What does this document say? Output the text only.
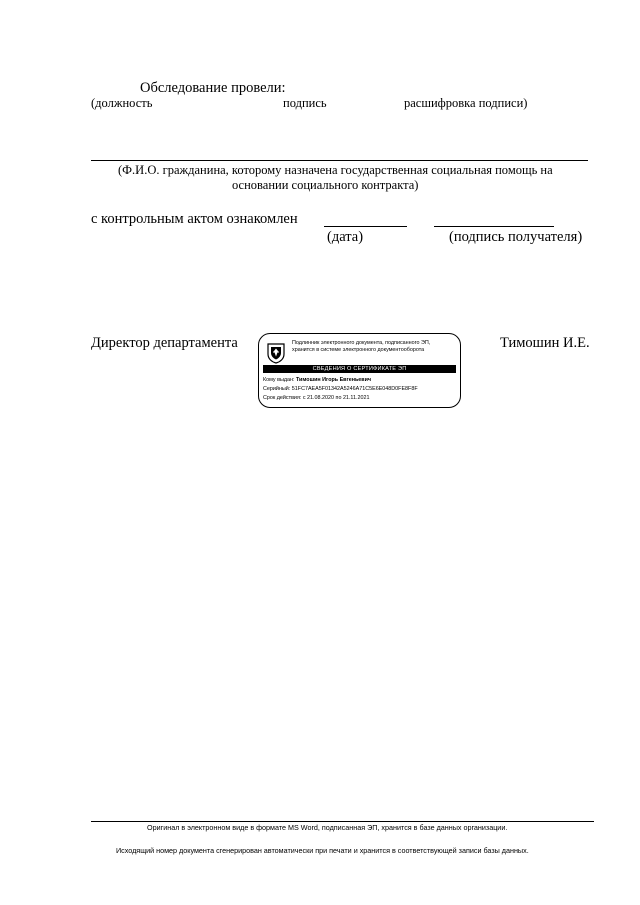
Обследование провели:
(должность	подпись	расшифровка подписи)
(Ф.И.О. гражданина, которому назначена государственная социальная помощь на
основании социального контракта)
с контрольным актом ознакомлен
(дата)	(подпись получателя)
Директор департамента	Тимошин И.Е.
Подлинник электронного документа, подписанного ЭП,
хранится в системе электронного документооборота
СВЕДЕНИЯ О СЕРТИФИКАТЕ ЭП
Кому выдан: Тимошин Игорь Евгеньевич
Серийный: 51FC7AEA5F01342A5246A71C5E6E048D0FE8F8F
Срок действия: с 21.08.2020 по 21.11.2021
Оригинал в электронном виде в формате MS Word, подписанная ЭП, хранится в базе данных организации.
Исходящий номер документа сгенерирован автоматически при печати и хранится в соответствующей записи базы данных.
